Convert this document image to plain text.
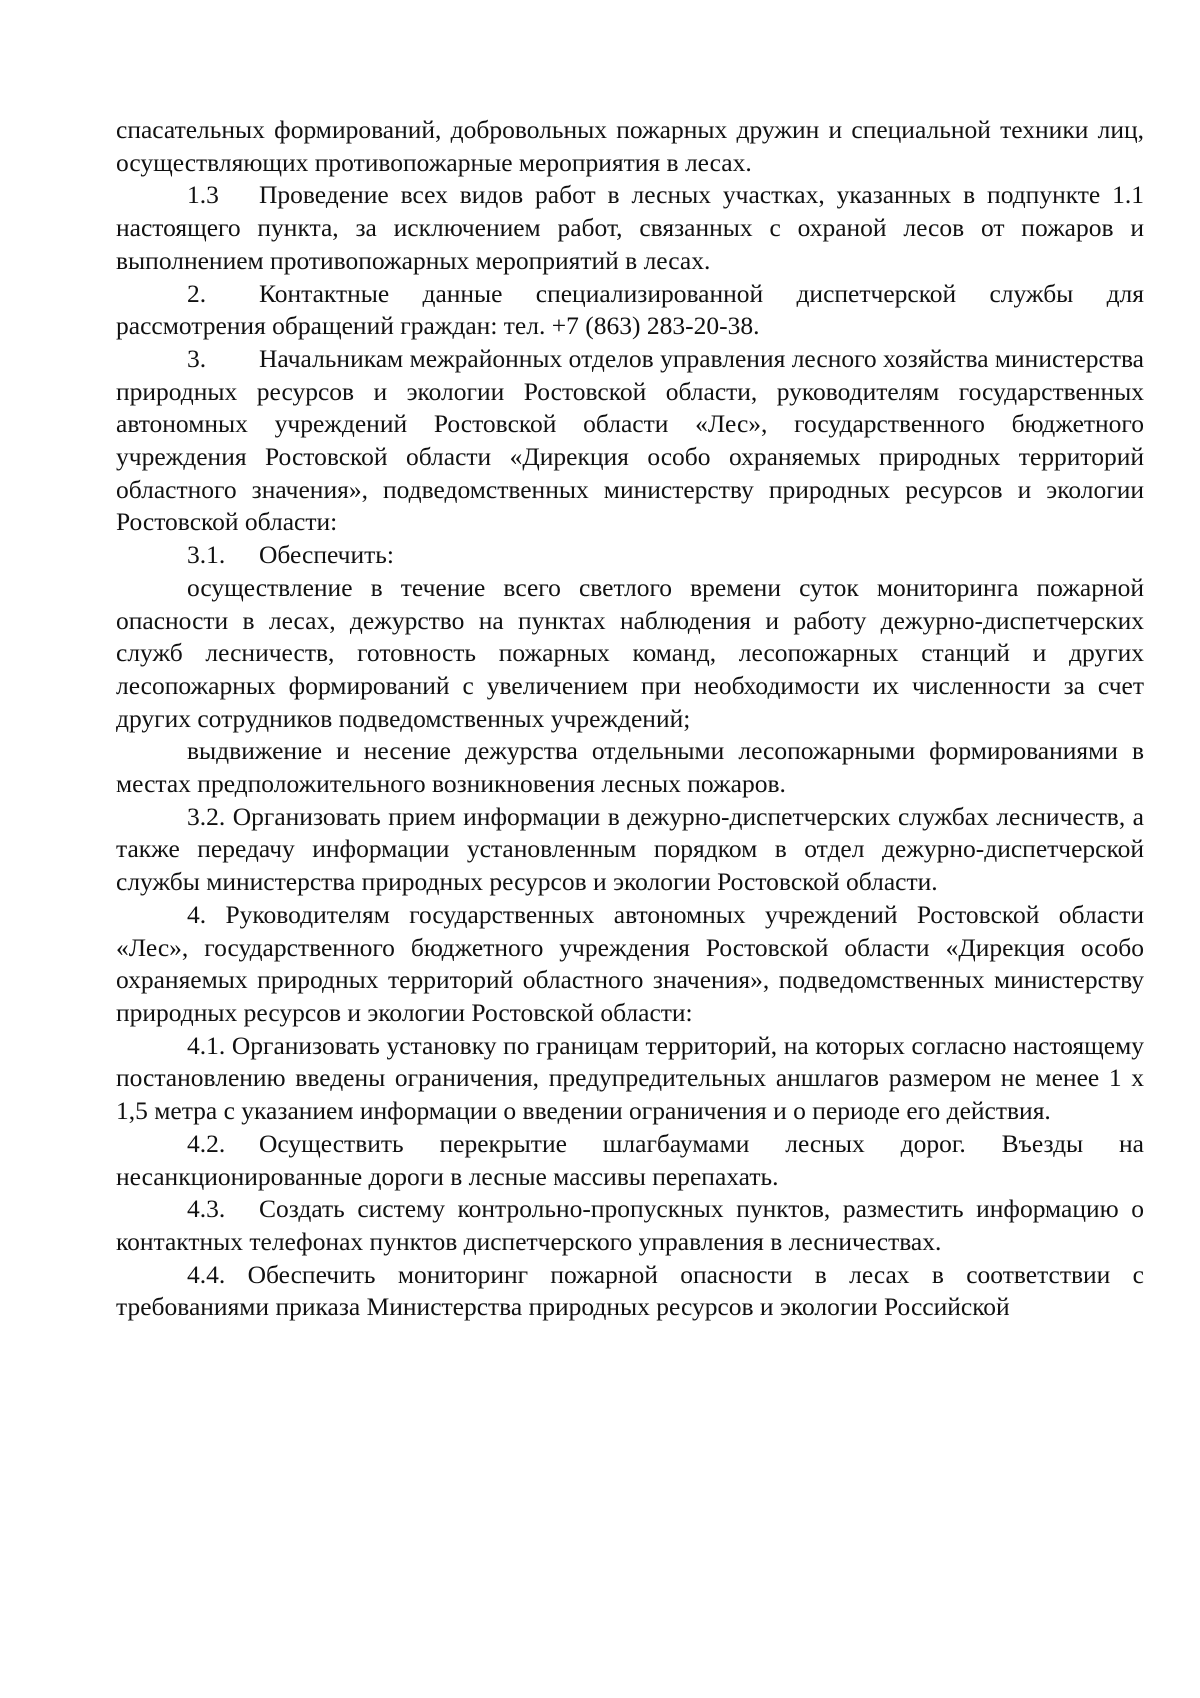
спасательных формирований, добровольных пожарных дружин и специальной техники лиц, осуществляющих противопожарные мероприятия в лесах.

1.3 Проведение всех видов работ в лесных участках, указанных в подпункте 1.1 настоящего пункта, за исключением работ, связанных с охраной лесов от пожаров и выполнением противопожарных мероприятий в лесах.

2. Контактные данные специализированной диспетчерской службы для рассмотрения обращений граждан: тел. +7 (863) 283-20-38.

3. Начальникам межрайонных отделов управления лесного хозяйства министерства природных ресурсов и экологии Ростовской области, руководителям государственных автономных учреждений Ростовской области «Лес», государственного бюджетного учреждения Ростовской области «Дирекция особо охраняемых природных территорий областного значения», подведомственных министерству природных ресурсов и экологии Ростовской области:

3.1. Обеспечить:

осуществление в течение всего светлого времени суток мониторинга пожарной опасности в лесах, дежурство на пунктах наблюдения и работу дежурно-диспетчерских служб лесничеств, готовность пожарных команд, лесопожарных станций и других лесопожарных формирований с увеличением при необходимости их численности за счет других сотрудников подведомственных учреждений;

выдвижение и несение дежурства отдельными лесопожарными формированиями в местах предположительного возникновения лесных пожаров.

3.2. Организовать прием информации в дежурно-диспетчерских службах лесничеств, а также передачу информации установленным порядком в отдел дежурно-диспетчерской службы министерства природных ресурсов и экологии Ростовской области.

4. Руководителям государственных автономных учреждений Ростовской области «Лес», государственного бюджетного учреждения Ростовской области «Дирекция особо охраняемых природных территорий областного значения», подведомственных министерству природных ресурсов и экологии Ростовской области:

4.1. Организовать установку по границам территорий, на которых согласно настоящему постановлению введены ограничения, предупредительных аншлагов размером не менее 1 х 1,5 метра с указанием информации о введении ограничения и о периоде его действия.

4.2. Осуществить перекрытие шлагбаумами лесных дорог. Въезды на несанкционированные дороги в лесные массивы перепахать.

4.3. Создать систему контрольно-пропускных пунктов, разместить информацию о контактных телефонах пунктов диспетчерского управления в лесничествах.

4.4. Обеспечить мониторинг пожарной опасности в лесах в соответствии с требованиями приказа Министерства природных ресурсов и экологии Российской
